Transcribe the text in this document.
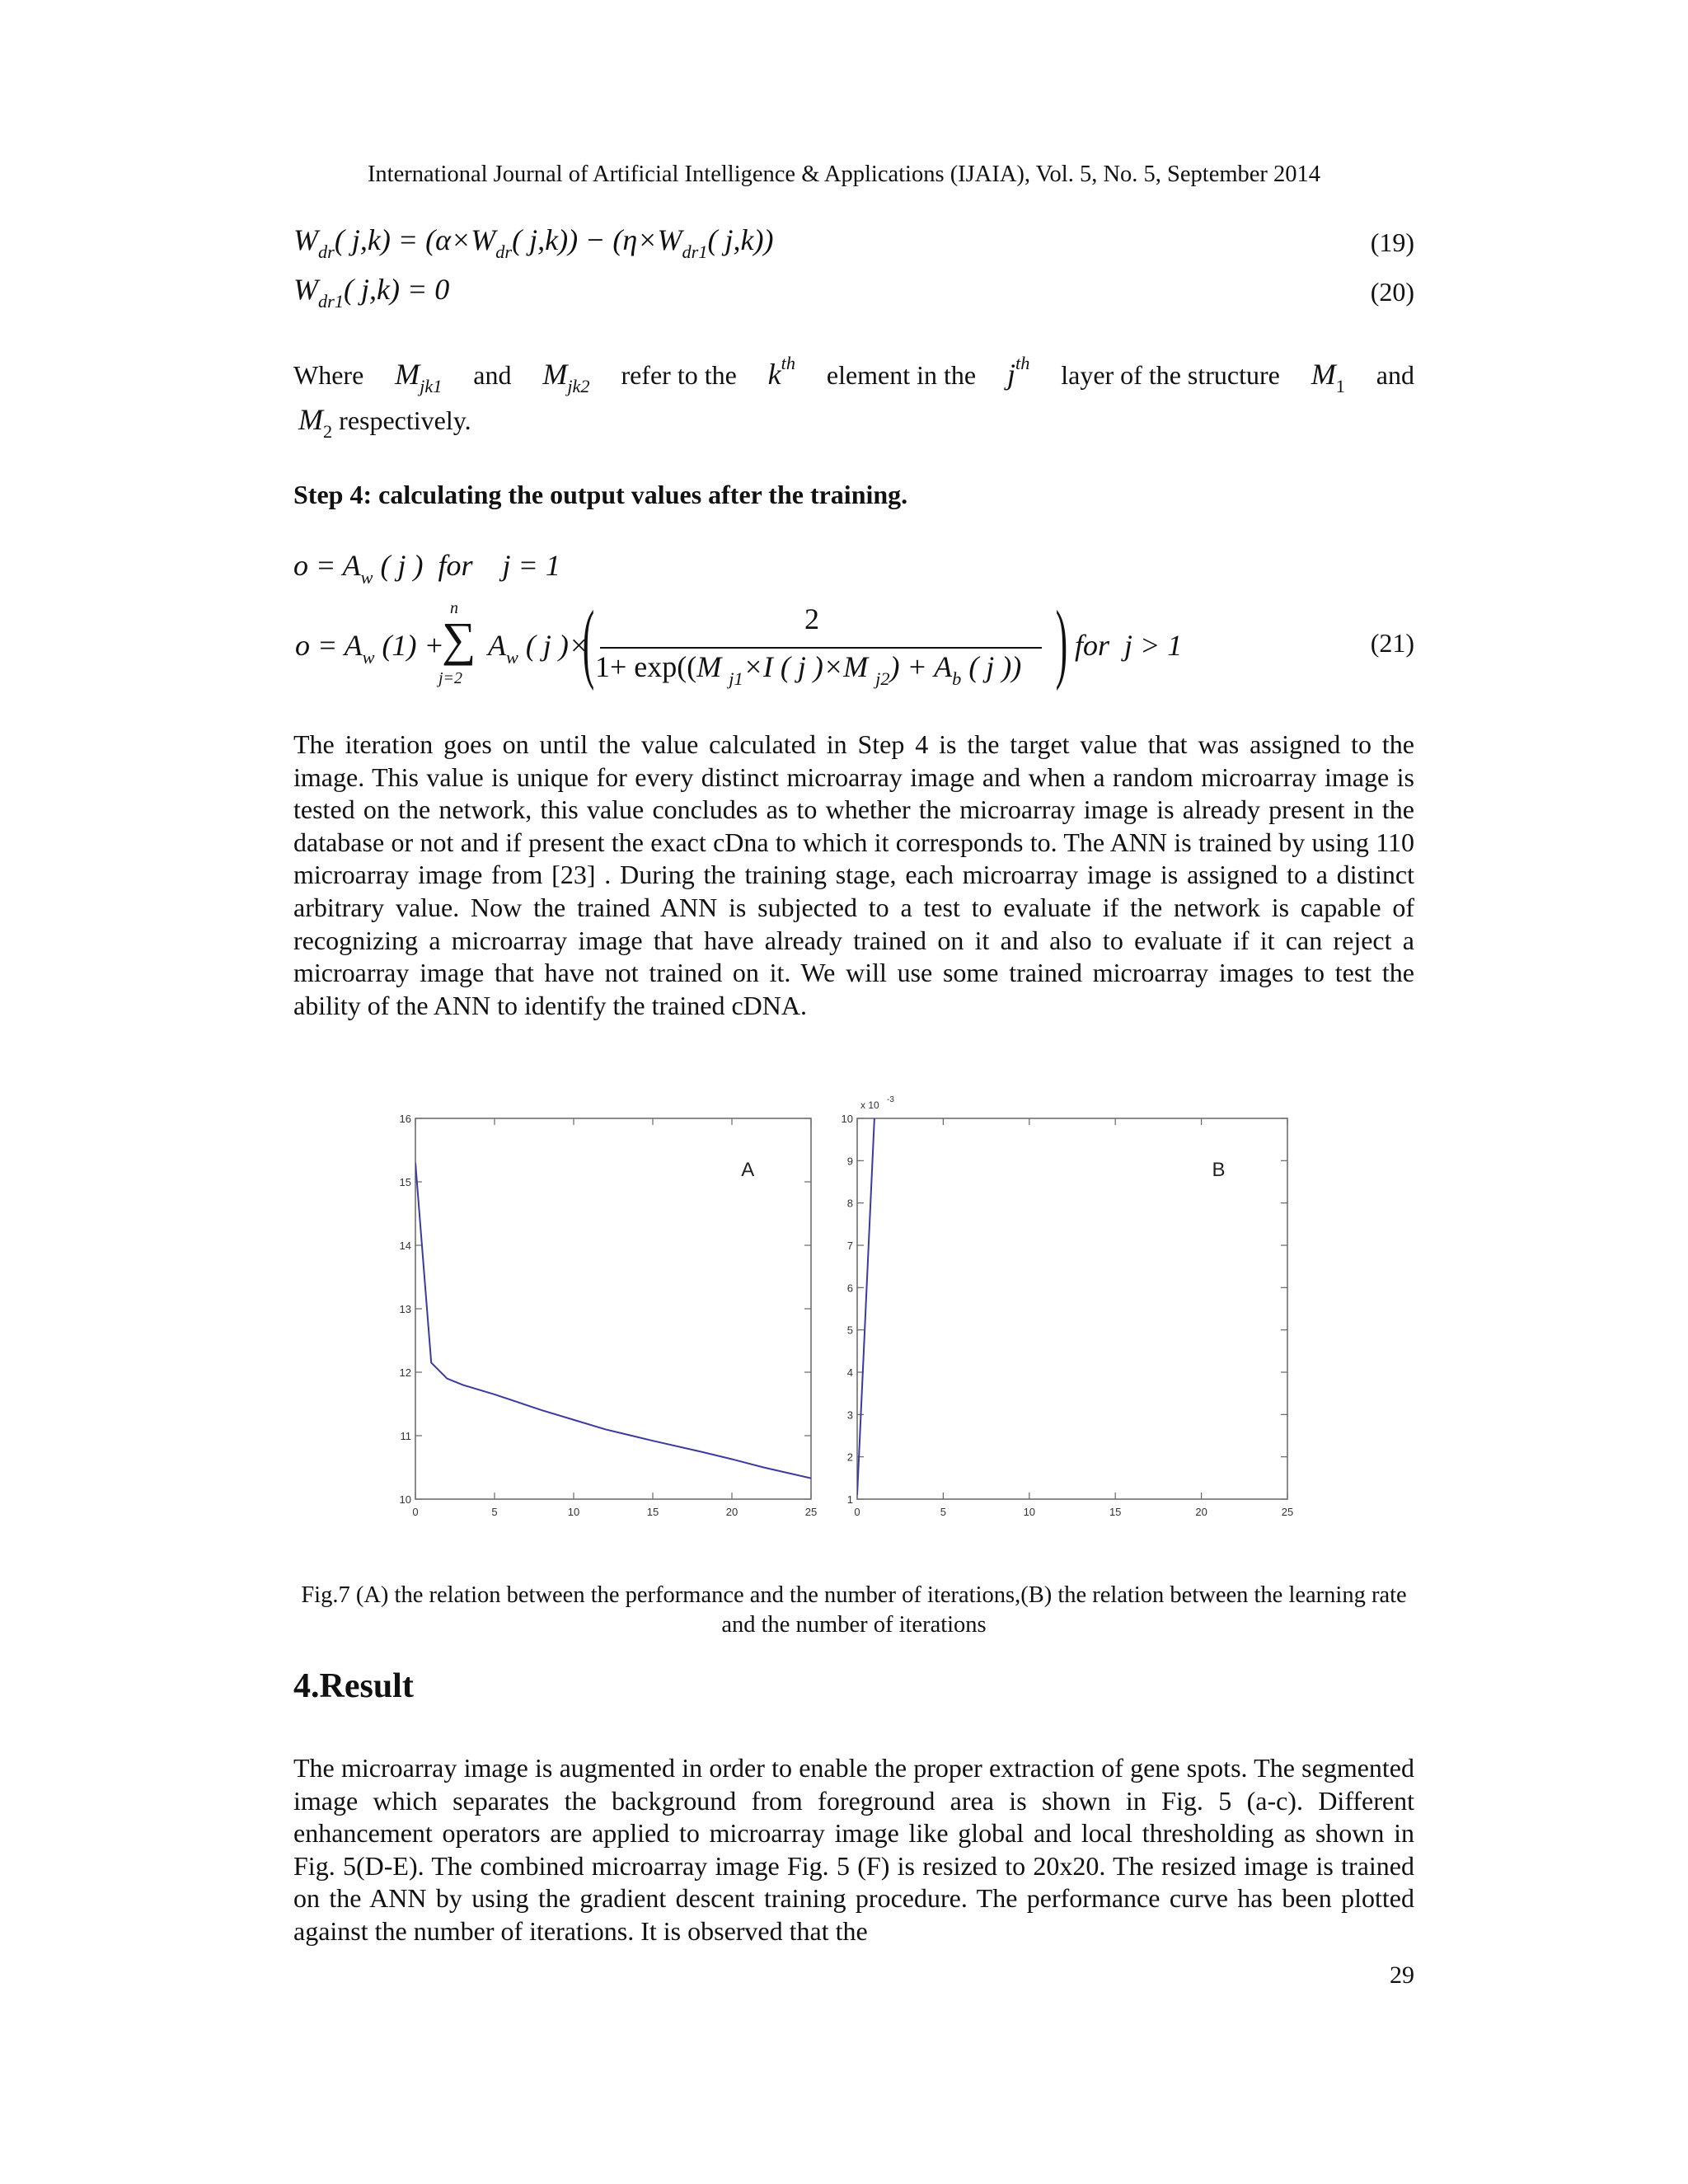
International Journal of Artificial Intelligence & Applications (IJAIA), Vol. 5, No. 5, September 2014
$W_{dr}$( $j,k) = (\alpha\times W_{dr}$( $j,k)) - (\eta\times W_{dr1}$( j,k))	(19)
$W_{dr1}$( j,k) = 0	(20)
Where $M_{jk1}$ and $M_{jk2}$ refer to the $k^{th}$ element in the $j^{th}$ layer of the structure $M_1$ and
$M_2$ respectively.
Step 4: calculating the output values after the training.
$o = A_w$ ( j )  for    j = 1
$o = A_w$ (1) +
∑
n
j=2
$A_w$ ( j )×
(	2
1+ exp((M $_{j1}$×I ( j )×M $_{j2}) + A_b$ ( j )) ) for  j > 1	(21)
The iteration goes on until the value calculated in Step 4 is the target value that was assigned to the image. This value is unique for every distinct microarray image and when a random microarray image is tested on the network, this value concludes as to whether the microarray image is already present in the database or not and if present the exact cDna to which it corresponds to. The ANN is trained by using 110 microarray image from [23] . During the training stage, each microarray image is assigned to a distinct arbitrary value. Now the trained ANN is subjected to a test to evaluate if the network is capable of recognizing a microarray image that have already trained on it and also to evaluate if it can reject a microarray image that have not trained on it. We will use some trained microarray images to test the ability of the ANN to identify the trained cDNA.
0	5	10	15	20	25
10
11
12
13
14
15
16
A
0	5	10	15	20	25
1
2
3
4
5
6
7
8
9
10
B
x 10 -3
Fig.7 (A) the relation between the performance and the number of iterations,(B) the relation between the learning rate and the number of iterations
4.Result
The microarray image is augmented in order to enable the proper extraction of gene spots. The segmented image which separates the background from foreground area is shown in Fig. 5 (a-c). Different enhancement operators are applied to microarray image like global and local thresholding as shown in Fig. 5(D-E). The combined microarray image Fig. 5 (F) is resized to 20x20. The resized image is trained on the ANN by using the gradient descent training procedure. The performance curve has been plotted against the number of iterations. It is observed that the
29
